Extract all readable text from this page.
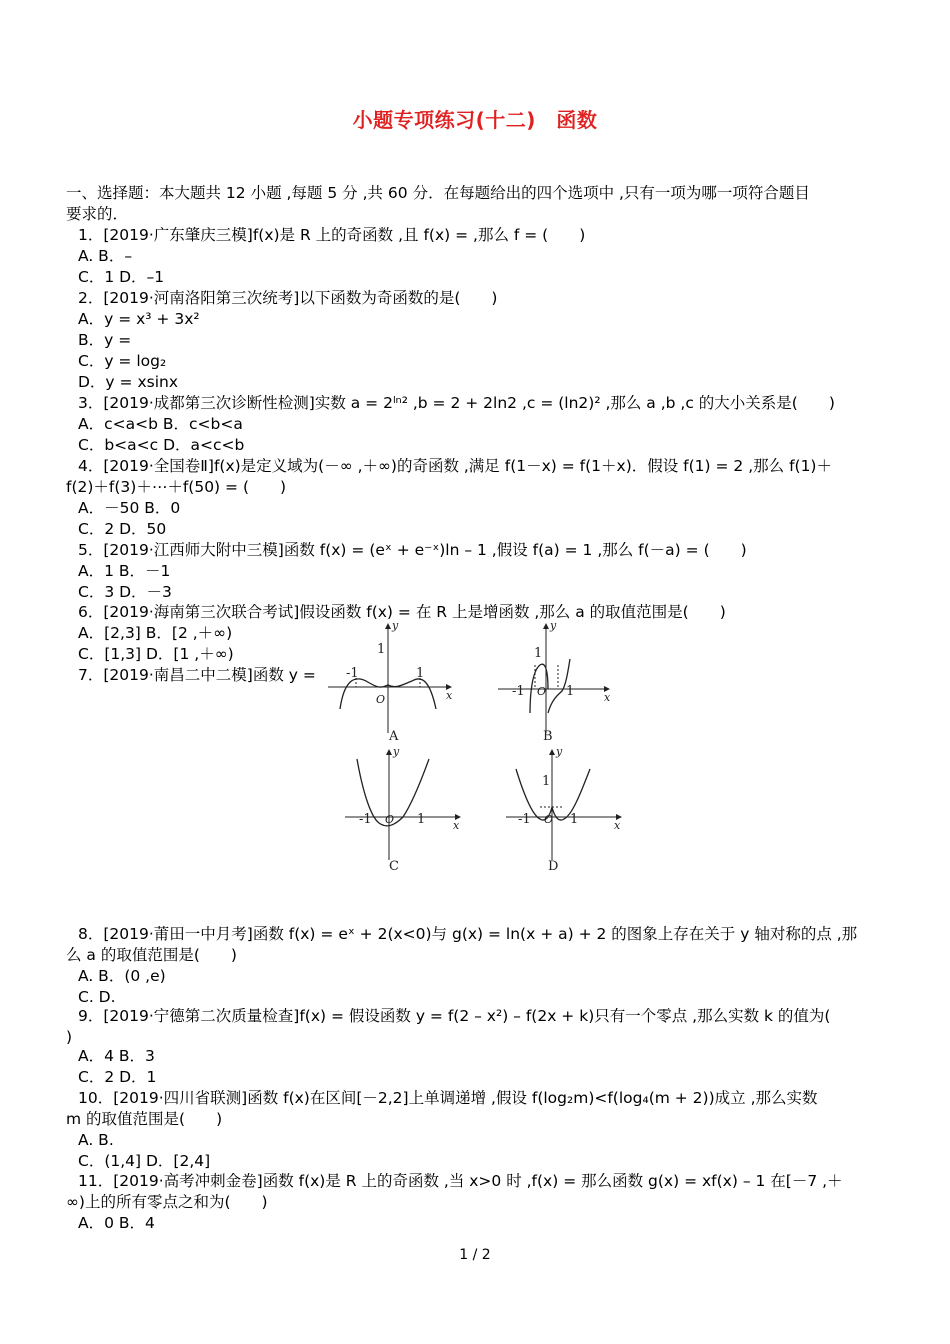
小题专项练习(十二)　函数
一、选择题：本大题共 12 小题 ,每题 5 分 ,共 60 分．在每题给出的四个选项中 ,只有一项为哪一项符合题目
要求的．
1．[2019·广东肇庆三模]f(x)是 R 上的奇函数 ,且 f(x) = ,那么 f = (　　)
A. B．–
C．1 D．–1
2．[2019·河南洛阳第三次统考]以下函数为奇函数的是(　　)
A．y = x³ + 3x²
B．y =
C．y = log₂
D．y = xsinx
3．[2019·成都第三次诊断性检测]实数 a = 2ˡⁿ² ,b = 2 + 2ln2 ,c = (ln2)² ,那么 a ,b ,c 的大小关系是(　　)
A．c<a<b B．c<b<a
C．b<a<c D．a<c<b
4．[2019·全国卷Ⅱ]f(x)是定义域为(－∞ ,＋∞)的奇函数 ,满足 f(1－x) = f(1＋x)．假设 f(1) = 2 ,那么 f(1)＋
f(2)＋f(3)＋⋯＋f(50) = (　　)
A．－50 B．0
C．2 D．50
5．[2019·江西师大附中三模]函数 f(x) = (eˣ + e⁻ˣ)ln – 1 ,假设 f(a) = 1 ,那么 f(－a) = (　　)
A．1 B．－1
C．3 D．－3
6．[2019·海南第三次联合考试]假设函数 f(x) = 在 R 上是增函数 ,那么 a 的取值范围是(　　)
A．[2,3] B．[2 ,＋∞)
C．[1,3] D．[1 ,＋∞)
7．[2019·南昌二中二模]函数 y =
y
x
1
-1	1
O
A
y
x
1
-1	1
O
B
y
x
-1	1
O
C
y
x
1
-1	1
O
D
8．[2019·莆田一中月考]函数 f(x) = eˣ + 2(x<0)与 g(x) = ln(x + a) + 2 的图象上存在关于 y 轴对称的点 ,那
么 a 的取值范围是(　　)
A. B．(0 ,e)
C. D.
9．[2019·宁德第二次质量检查]f(x) = 假设函数 y = f(2 – x²) – f(2x + k)只有一个零点 ,那么实数 k 的值为(
)
A．4 B．3
C．2 D．1
10．[2019·四川省联测]函数 f(x)在区间[－2,2]上单调递增 ,假设 f(log₂m)<f(log₄(m + 2))成立 ,那么实数
m 的取值范围是(　　)
A. B.
C．(1,4] D．[2,4]
11．[2019·高考冲刺金卷]函数 f(x)是 R 上的奇函数 ,当 x>0 时 ,f(x) = 那么函数 g(x) = xf(x) – 1 在[－7 ,＋
∞)上的所有零点之和为(　　)
A．0 B．4
1 / 2
